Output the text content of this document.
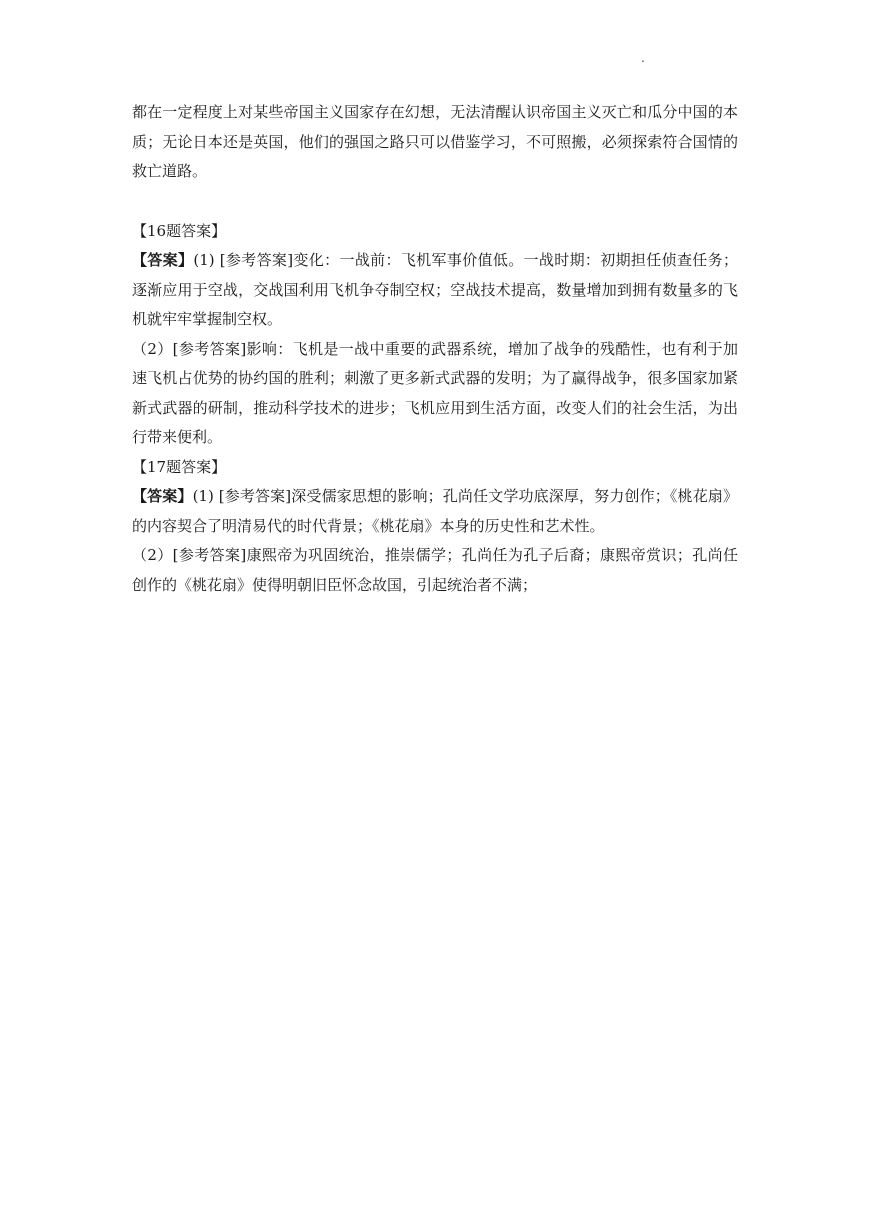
.

都在一定程度上对某些帝国主义国家存在幻想，无法清醒认识帝国主义灭亡和瓜分中国的本质；无论日本还是英国，他们的强国之路只可以借鉴学习，不可照搬，必须探索符合国情的救亡道路。

【16题答案】

【答案】(1) [参考答案]变化：一战前：飞机军事价值低。一战时期：初期担任侦查任务；逐渐应用于空战，交战国利用飞机争夺制空权；空战技术提高，数量增加到拥有数量多的飞机就牢牢掌握制空权。

（2）[参考答案]影响：飞机是一战中重要的武器系统，增加了战争的残酷性，也有利于加速飞机占优势的协约国的胜利；刺激了更多新式武器的发明；为了赢得战争，很多国家加紧新式武器的研制，推动科学技术的进步；飞机应用到生活方面，改变人们的社会生活，为出行带来便利。

【17题答案】

【答案】(1) [参考答案]深受儒家思想的影响；孔尚任文学功底深厚，努力创作；《桃花扇》的内容契合了明清易代的时代背景；《桃花扇》本身的历史性和艺术性。

（2）[参考答案]康熙帝为巩固统治，推崇儒学；孔尚任为孔子后裔；康熙帝赏识；孔尚任创作的《桃花扇》使得明朝旧臣怀念故国，引起统治者不满；
